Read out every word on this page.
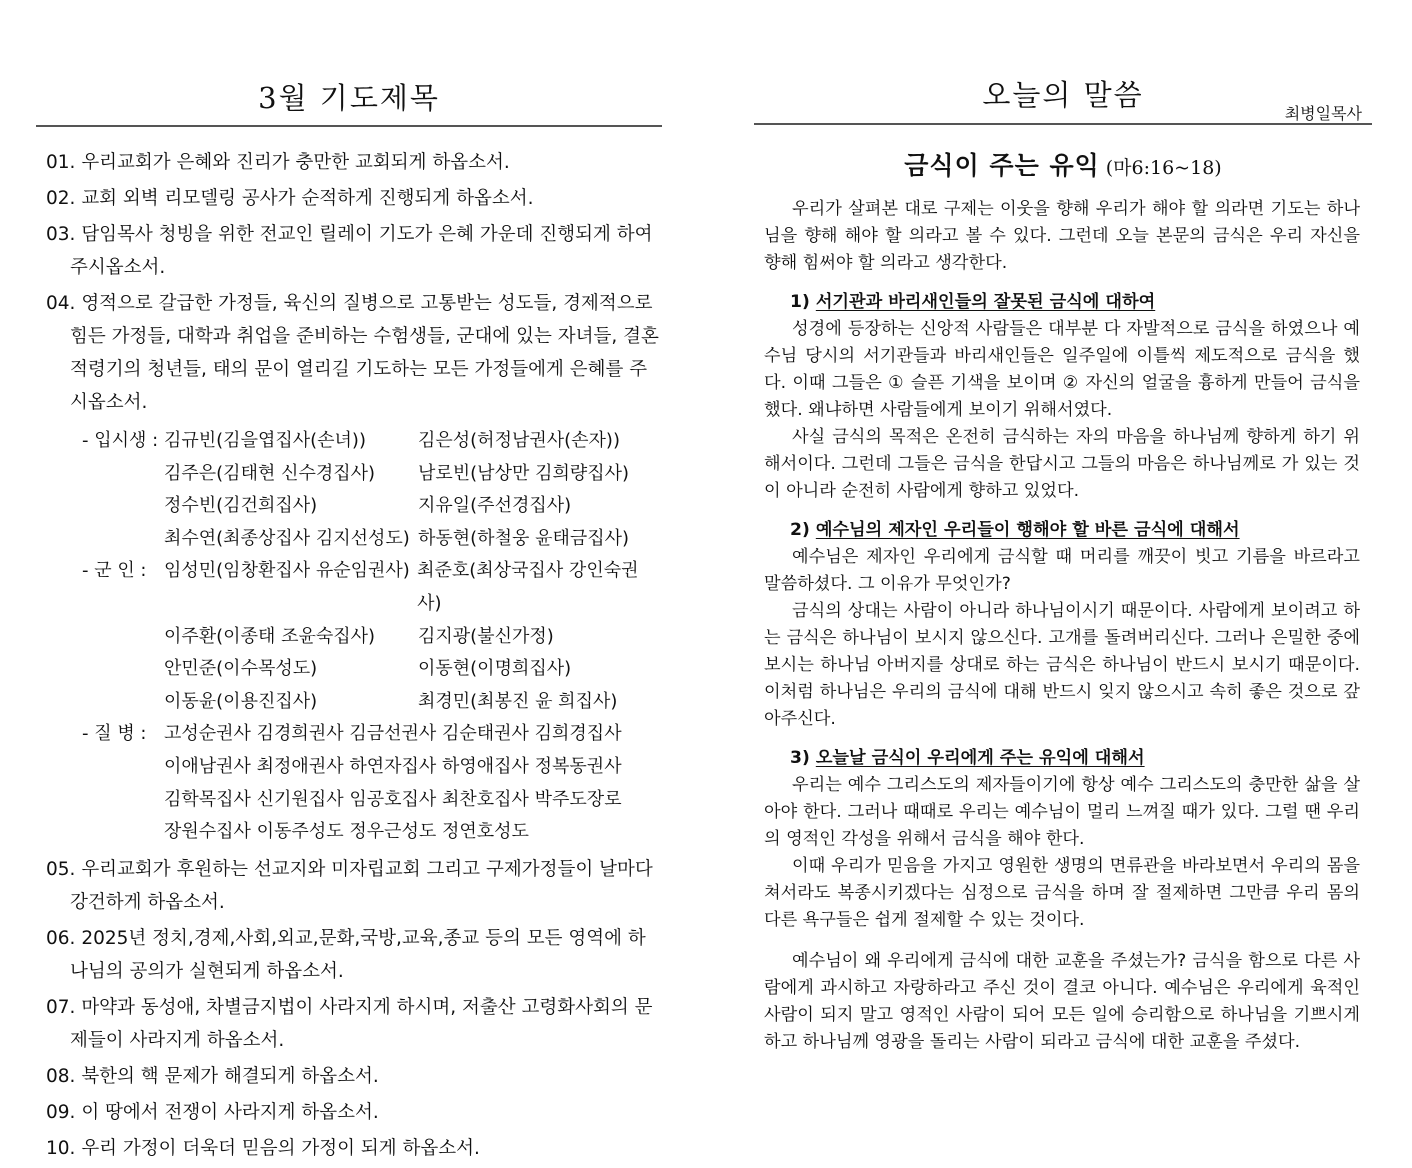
3월 기도제목
01. 우리교회가 은혜와 진리가 충만한 교회되게 하옵소서.
02. 교회 외벽 리모델링 공사가 순적하게 진행되게 하옵소서.
03. 담임목사 청빙을 위한 전교인 릴레이 기도가 은혜 가운데 진행되게 하여 주시옵소서.
04. 영적으로 갈급한 가정들, 육신의 질병으로 고통받는 성도들, 경제적으로 힘든 가정들, 대학과 취업을 준비하는 수험생들, 군대에 있는 자녀들, 결혼적령기의 청년들, 태의 문이 열리길 기도하는 모든 가정들에게 은혜를 주시옵소서.
- 입시생 : 김규빈(김을엽집사(손녀))	김은성(허정남권사(손자))
김주은(김태현 신수경집사)	남로빈(남상만 김희량집사)
정수빈(김건희집사)	지유일(주선경집사)
최수연(최종상집사 김지선성도) 하동현(하철웅 윤태금집사)
- 군 인 : 임성민(임창환집사 유순임권사) 최준호(최상국집사 강인숙권사)
이주환(이종태 조윤숙집사)	김지광(불신가정)
안민준(이수목성도)	이동현(이명희집사)
이동윤(이용진집사)	최경민(최봉진 윤 희집사)
- 질 병 : 고성순권사 김경희권사 김금선권사 김순태권사 김희경집사
이애남권사 최정애권사 하연자집사 하영애집사 정복동권사
김학목집사 신기원집사 임공호집사 최찬호집사 박주도장로
장원수집사 이동주성도 정우근성도 정연호성도
05. 우리교회가 후원하는 선교지와 미자립교회 그리고 구제가정들이 날마다 강건하게 하옵소서.
06. 2025년 정치,경제,사회,외교,문화,국방,교육,종교 등의 모든 영역에 하나님의 공의가 실현되게 하옵소서.
07. 마약과 동성애, 차별금지법이 사라지게 하시며, 저출산 고령화사회의 문제들이 사라지게 하옵소서.
08. 북한의 핵 문제가 해결되게 하옵소서.
09. 이 땅에서 전쟁이 사라지게 하옵소서.
10. 우리 가정이 더욱더 믿음의 가정이 되게 하옵소서.
오늘의 말씀
최병일목사
금식이 주는 유익 (마6:16~18)
우리가 살펴본 대로 구제는 이웃을 향해 우리가 해야 할 의라면 기도는 하나님을 향해 해야 할 의라고 볼 수 있다. 그런데 오늘 본문의 금식은 우리 자신을 향해 힘써야 할 의라고 생각한다.
1) 서기관과 바리새인들의 잘못된 금식에 대하여
성경에 등장하는 신앙적 사람들은 대부분 다 자발적으로 금식을 하였으나 예수님 당시의 서기관들과 바리새인들은 일주일에 이틀씩 제도적으로 금식을 했다. 이때 그들은 ① 슬픈 기색을 보이며 ② 자신의 얼굴을 흉하게 만들어 금식을 했다. 왜냐하면 사람들에게 보이기 위해서였다.
사실 금식의 목적은 온전히 금식하는 자의 마음을 하나님께 향하게 하기 위해서이다. 그런데 그들은 금식을 한답시고 그들의 마음은 하나님께로 가 있는 것이 아니라 순전히 사람에게 향하고 있었다.
2) 예수님의 제자인 우리들이 행해야 할 바른 금식에 대해서
예수님은 제자인 우리에게 금식할 때 머리를 깨끗이 빗고 기름을 바르라고 말씀하셨다. 그 이유가 무엇인가?
금식의 상대는 사람이 아니라 하나님이시기 때문이다. 사람에게 보이려고 하는 금식은 하나님이 보시지 않으신다. 고개를 돌려버리신다. 그러나 은밀한 중에 보시는 하나님 아버지를 상대로 하는 금식은 하나님이 반드시 보시기 때문이다. 이처럼 하나님은 우리의 금식에 대해 반드시 잊지 않으시고 속히 좋은 것으로 갚아주신다.
3) 오늘날 금식이 우리에게 주는 유익에 대해서
우리는 예수 그리스도의 제자들이기에 항상 예수 그리스도의 충만한 삶을 살아야 한다. 그러나 때때로 우리는 예수님이 멀리 느껴질 때가 있다. 그럴 땐 우리의 영적인 각성을 위해서 금식을 해야 한다.
이때 우리가 믿음을 가지고 영원한 생명의 면류관을 바라보면서 우리의 몸을 쳐서라도 복종시키겠다는 심정으로 금식을 하며 잘 절제하면 그만큼 우리 몸의 다른 욕구들은 쉽게 절제할 수 있는 것이다.
예수님이 왜 우리에게 금식에 대한 교훈을 주셨는가? 금식을 함으로 다른 사람에게 과시하고 자랑하라고 주신 것이 결코 아니다. 예수님은 우리에게 육적인 사람이 되지 말고 영적인 사람이 되어 모든 일에 승리함으로 하나님을 기쁘시게 하고 하나님께 영광을 돌리는 사람이 되라고 금식에 대한 교훈을 주셨다.
